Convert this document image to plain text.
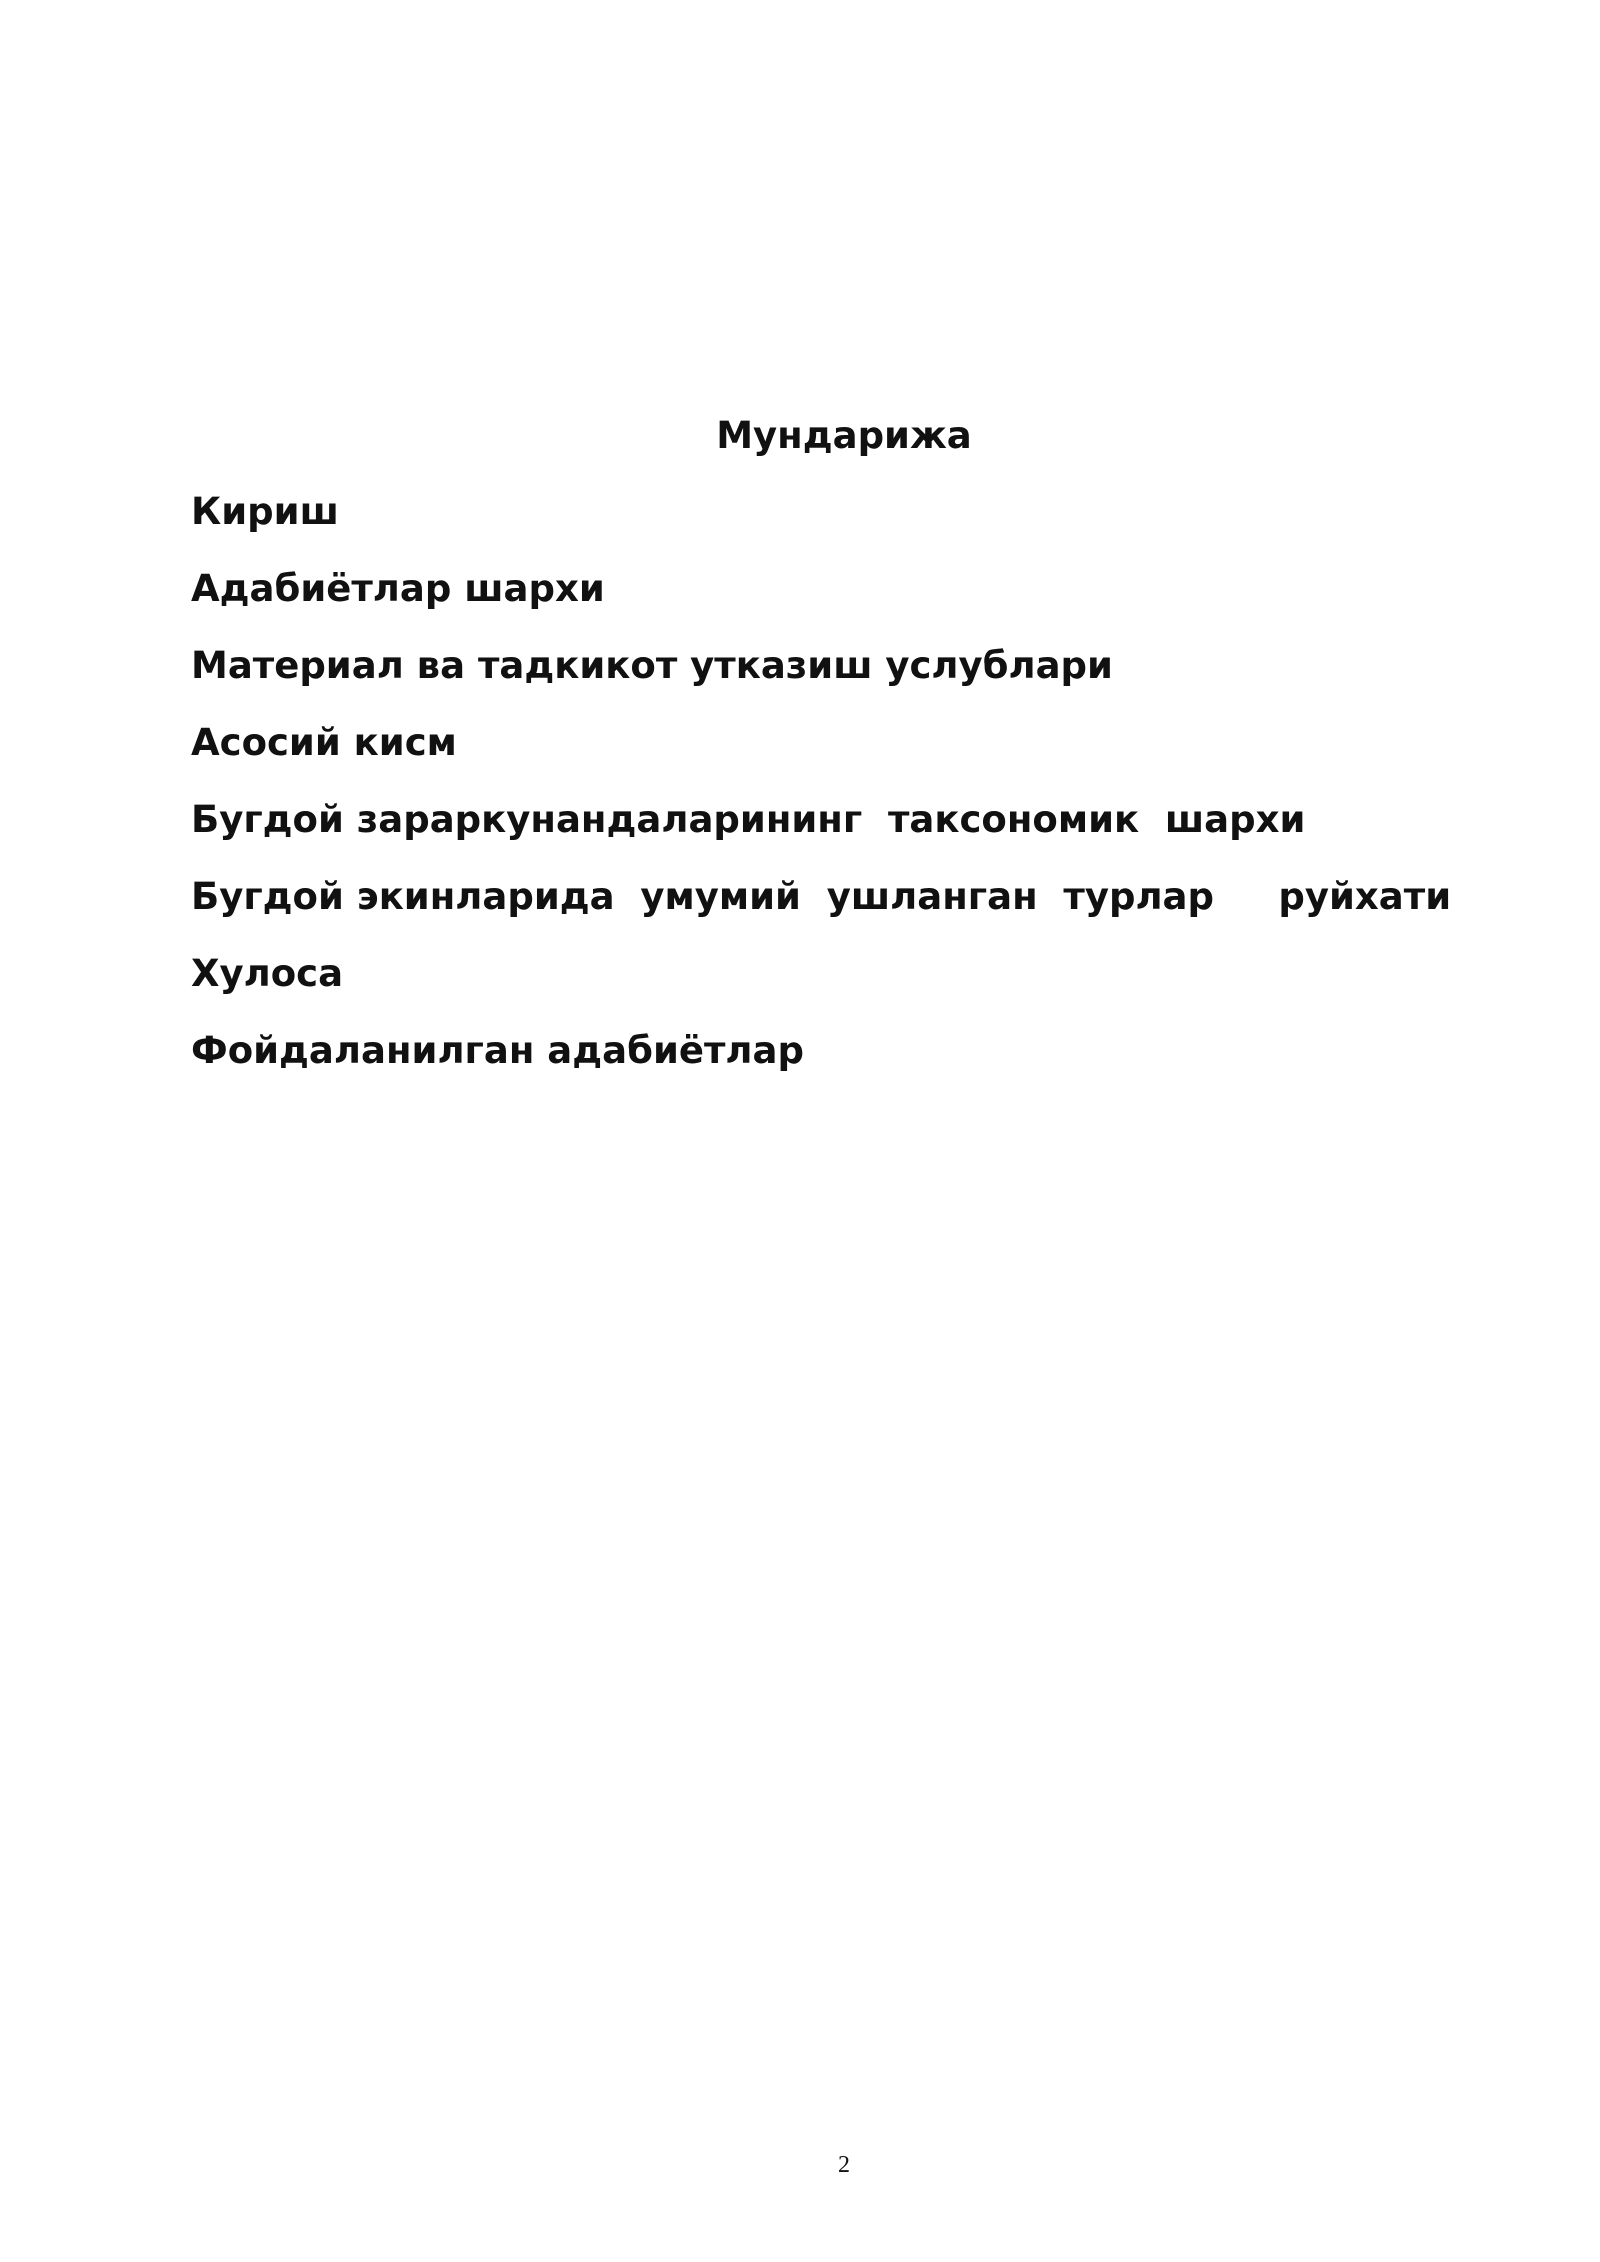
Мундарижа
Кириш
Адабиётлар шархи
Материал ва тадкикот утказиш услублари
Асосий кисм
Бугдой зараркунандаларининг  таксономик  шархи
Бугдой экинларида  умумий  ушланган  турлар     руйхати
Хулоса
Фойдаланилган адабиётлар
2
